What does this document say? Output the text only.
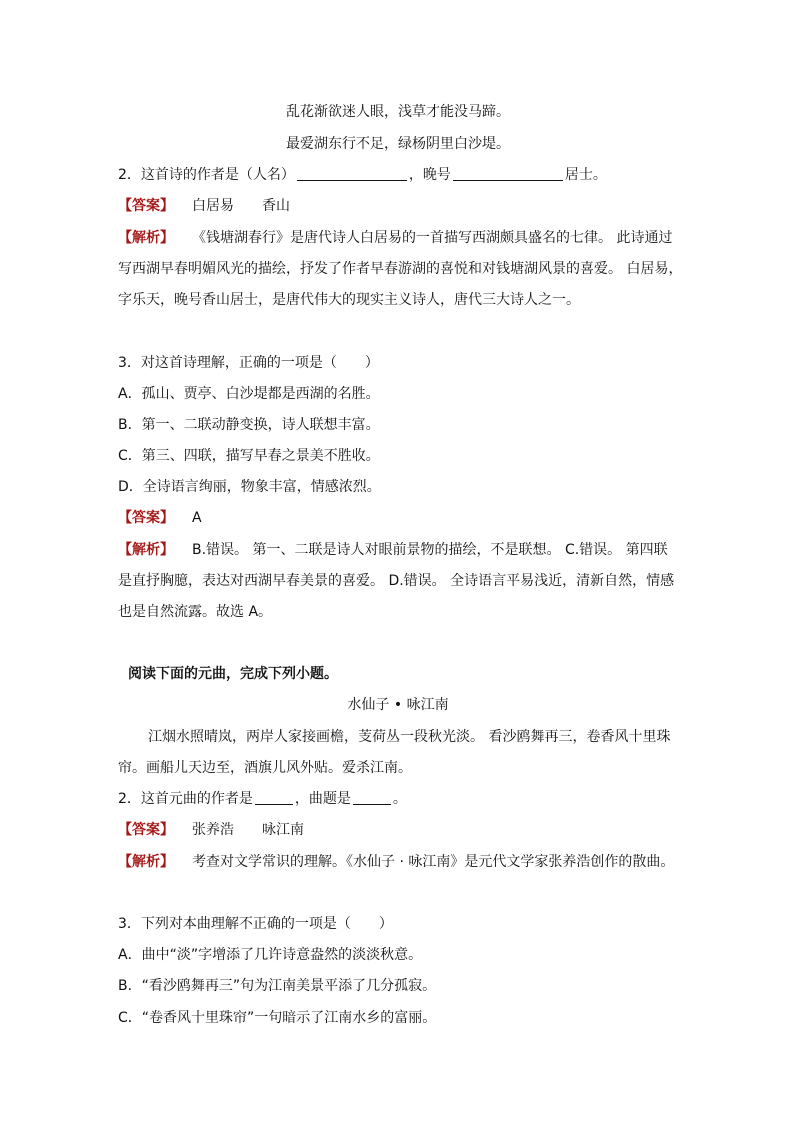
乱花渐欲迷人眼，浅草才能没马蹄。
最爱湖东行不足，绿杨阴里白沙堤。
2．这首诗的作者是（人名）	，晚号	居士。
【答案】 白居易 香山
【解析】 《钱塘湖春行》是唐代诗人白居易的一首描写西湖颇具盛名的七律。 此诗通过
写西湖早春明媚风光的描绘，抒发了作者早春游湖的喜悦和对钱塘湖风景的喜爱。 白居易，
字乐天，晚号香山居士，是唐代伟大的现实主义诗人，唐代三大诗人之一。
3．对这首诗理解，正确的一项是（　　）
A．孤山、贾亭、白沙堤都是西湖的名胜。
B．第一、二联动静变换，诗人联想丰富。
C．第三、四联，描写早春之景美不胜收。
D．全诗语言绚丽，物象丰富，情感浓烈。
【答案】 A
【解析】 B.错误。 第一、二联是诗人对眼前景物的描绘，不是联想。 C.错误。 第四联
是直抒胸臆，表达对西湖早春美景的喜爱。 D.错误。 全诗语言平易浅近，清新自然，情感
也是自然流露。故选 A。
阅读下面的元曲，完成下列小题。
水仙子 • 咏江南
江烟水照晴岚，两岸人家接画檐，芰荷丛一段秋光淡。 看沙鸥舞再三，卷香风十里珠
帘。画船儿天边至，酒旗儿风外贴。爱杀江南。
2．这首元曲的作者是	，曲题是	。
【答案】 张养浩 咏江南
【解析】 考查对文学常识的理解。《水仙子 · 咏江南》是元代文学家张养浩创作的散曲。
3．下列对本曲理解不正确的一项是（　　）
A．曲中“淡”字增添了几许诗意盎然的淡淡秋意。
B．“看沙鸥舞再三”句为江南美景平添了几分孤寂。
C．“卷香风十里珠帘”一句暗示了江南水乡的富丽。
